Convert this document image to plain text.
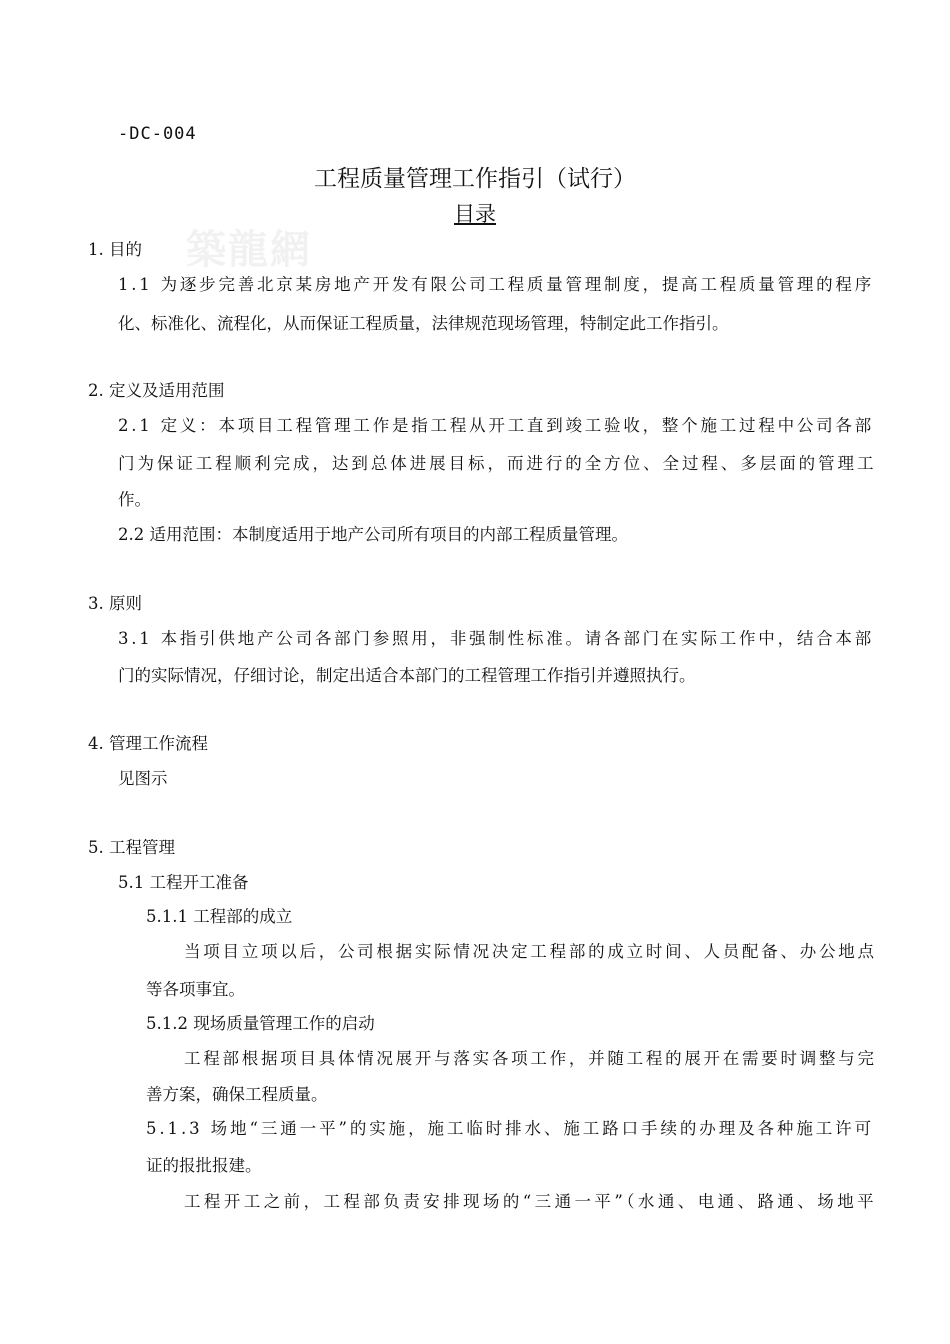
築龍網
-DC-004
工程质量管理工作指引（试行）
目录
1. 目的
1.1 为逐步完善北京某房地产开发有限公司工程质量管理制度，提高工程质量管理的程序
化、标准化、流程化，从而保证工程质量，法律规范现场管理，特制定此工作指引。
2. 定义及适用范围
2.1 定义：本项目工程管理工作是指工程从开工直到竣工验收，整个施工过程中公司各部
门为保证工程顺利完成，达到总体进展目标，而进行的全方位、全过程、多层面的管理工
作。
2.2 适用范围：本制度适用于地产公司所有项目的内部工程质量管理。
3. 原则
3.1 本指引供地产公司各部门参照用，非强制性标准。请各部门在实际工作中，结合本部
门的实际情况，仔细讨论，制定出适合本部门的工程管理工作指引并遵照执行。
4. 管理工作流程
见图示
5. 工程管理
5.1 工程开工准备
5.1.1 工程部的成立
当项目立项以后，公司根据实际情况决定工程部的成立时间、人员配备、办公地点
等各项事宜。
5.1.2 现场质量管理工作的启动
工程部根据项目具体情况展开与落实各项工作，并随工程的展开在需要时调整与完
善方案，确保工程质量。
5.1.3 场地“三通一平”的实施，施工临时排水、施工路口手续的办理及各种施工许可
证的报批报建。
工程开工之前，工程部负责安排现场的“三通一平”（水通、电通、路通、场地平
